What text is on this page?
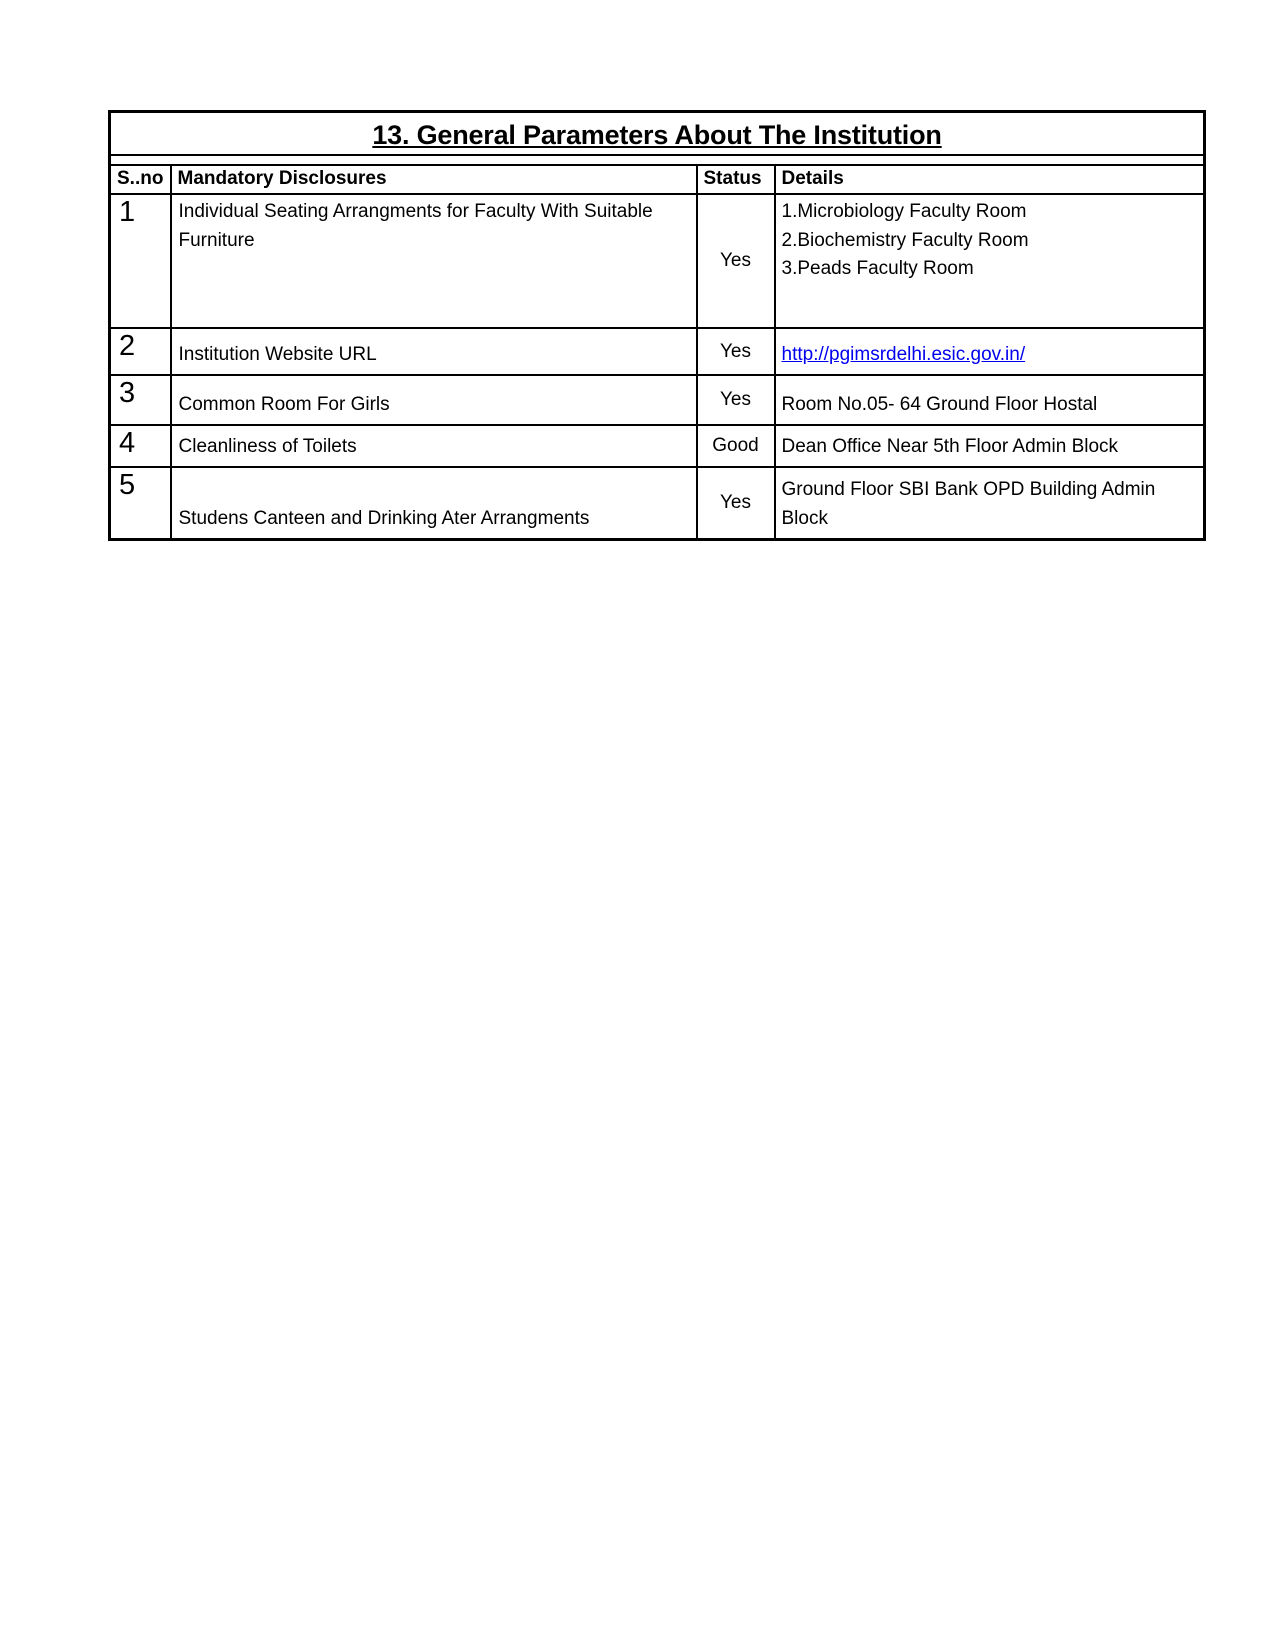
13. General Parameters About The Institution			

S..no	Mandatory Disclosures	Status	Details
1	Individual Seating Arrangments for Faculty With Suitable Furniture	Yes	1.Microbiology Faculty Room
2.Biochemistry Faculty Room
3.Peads Faculty Room

2	Institution Website URL	Yes	http://pgimsrdelhi.esic.gov.in/
3	Common Room For Girls	Yes	Room No.05- 64 Ground Floor Hostal
4	Cleanliness of Toilets	Good	Dean Office Near 5th Floor Admin Block
5	Studens Canteen and Drinking Ater Arrangments	Yes	Ground Floor SBI Bank OPD Building Admin Block
